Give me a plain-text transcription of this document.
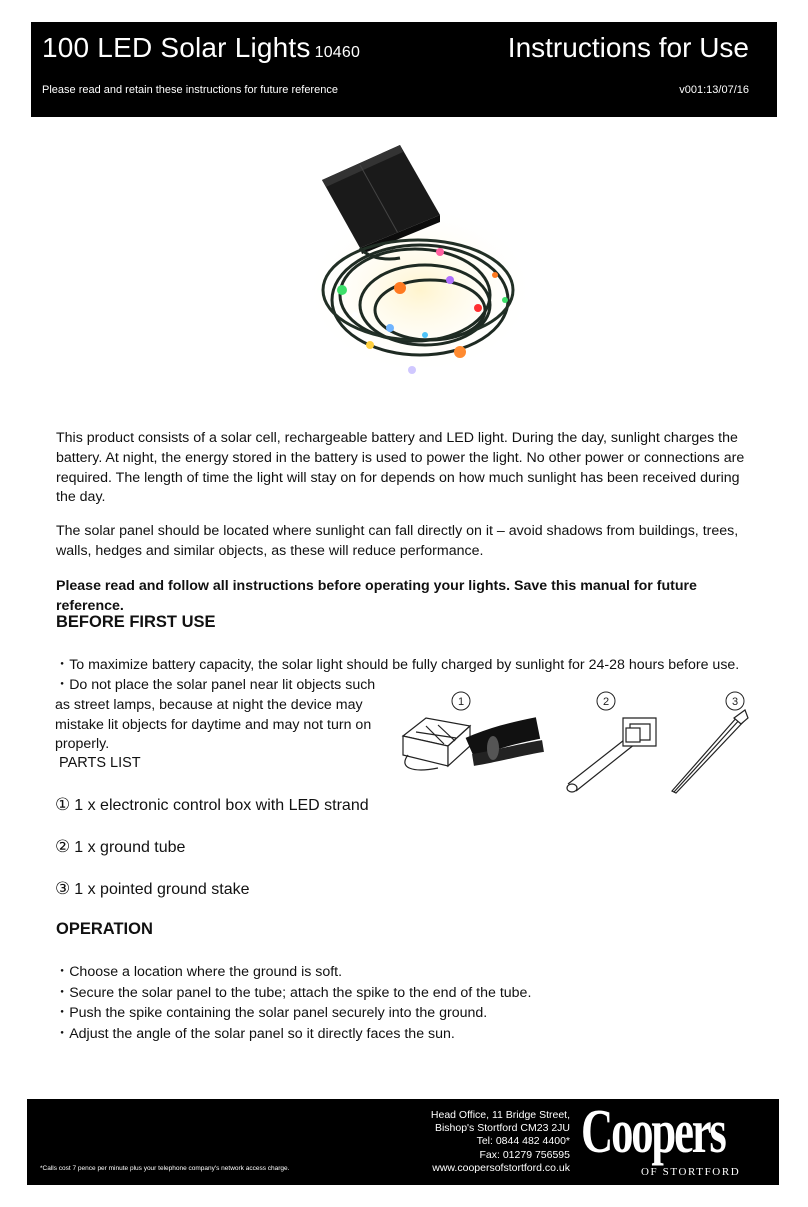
100 LED Solar Lights 10460	Instructions for Use
Please read and retain these instructions for future reference	v001:13/07/16

This product consists of a solar cell, rechargeable battery and LED light. During the day, sunlight charges the battery. At night, the energy stored in the battery is used to power the light. No other power or connections are required. The length of time the light will stay on for depends on how much sunlight has been received during the day.

The solar panel should be located where sunlight can fall directly on it – avoid shadows from buildings, trees, walls, hedges and similar objects, as these will reduce performance.

Please read and follow all instructions before operating your lights. Save this manual for future reference.

BEFORE FIRST USE
・To maximize battery capacity, the solar light should be fully charged by sunlight for 24-28 hours before use.
・Do not place the solar panel near lit objects such as street lamps, because at night the device may mistake lit objects for daytime and may not turn on properly.
PARTS LIST
① 1 x electronic control box with LED strand
② 1 x ground tube
③ 1 x pointed ground stake
1	2	3
OPERATION
・Choose a location where the ground is soft.
・Secure the solar panel to the tube; attach the spike to the end of the tube.
・Push the spike containing the solar panel securely into the ground.
・Adjust the angle of the solar panel so it directly faces the sun.
*Calls cost 7 pence per minute plus your telephone company's network access charge.
Head Office, 11 Bridge Street,
Bishop's Stortford CM23 2JU
Tel: 0844 482 4400*
Fax: 01279 756595
www.coopersofstortford.co.uk
Coopers
OF STORTFORD
